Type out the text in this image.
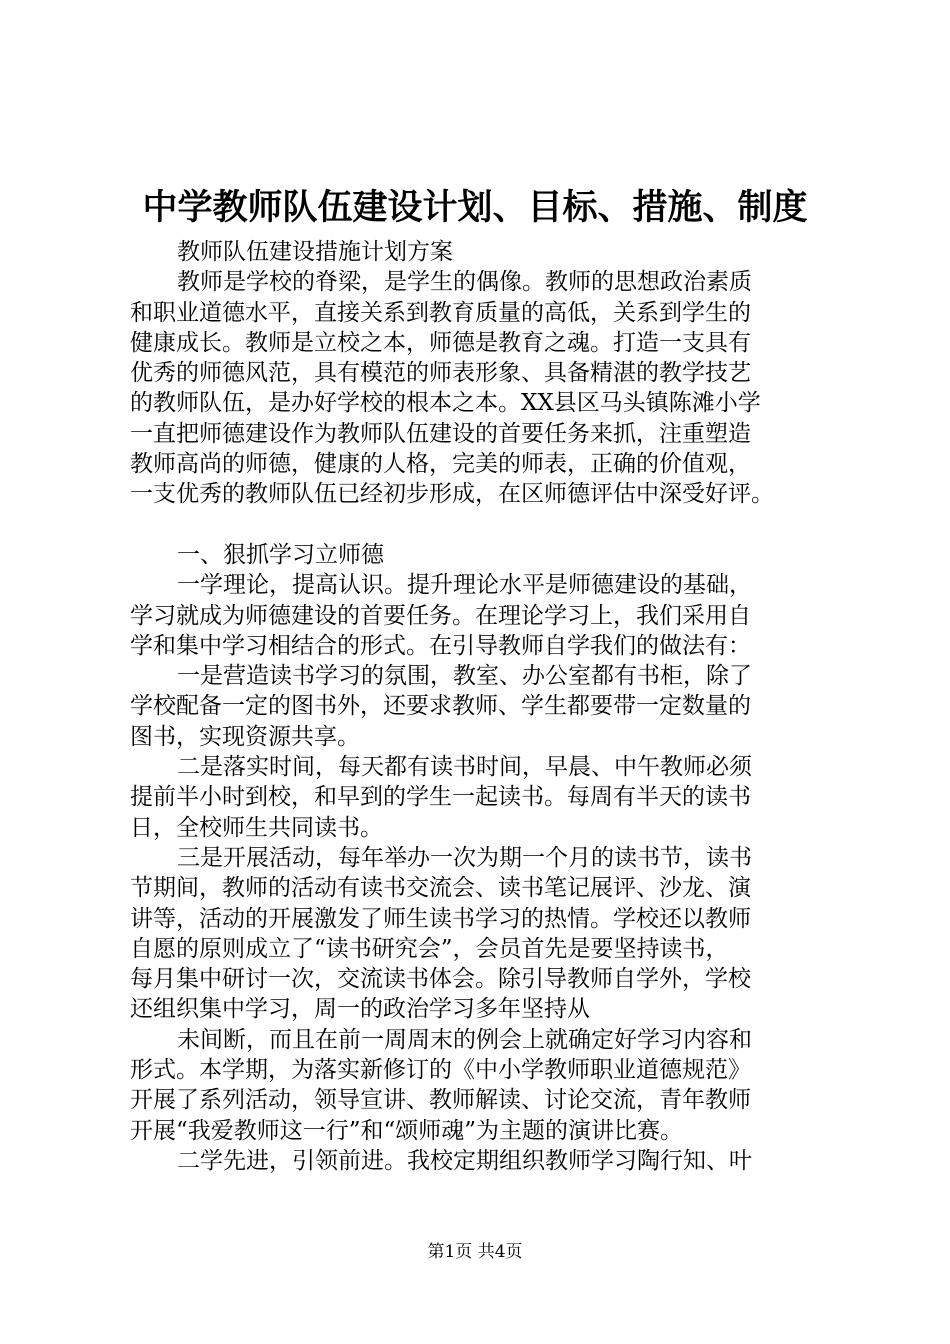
中学教师队伍建设计划、目标、措施、制度
教师队伍建设措施计划方案
教师是学校的脊梁，是学生的偶像。教师的思想政治素质
和职业道德水平，直接关系到教育质量的高低，关系到学生的
健康成长。教师是立校之本，师德是教育之魂。打造一支具有
优秀的师德风范，具有模范的师表形象、具备精湛的教学技艺
的教师队伍，是办好学校的根本之本。XX县区马头镇陈滩小学
一直把师德建设作为教师队伍建设的首要任务来抓，注重塑造
教师高尚的师德，健康的人格，完美的师表，正确的价值观，
一支优秀的教师队伍已经初步形成，在区师德评估中深受好评。
一、狠抓学习立师德
一学理论，提高认识。提升理论水平是师德建设的基础，
学习就成为师德建设的首要任务。在理论学习上，我们采用自
学和集中学习相结合的形式。在引导教师自学我们的做法有：
一是营造读书学习的氛围，教室、办公室都有书柜，除了
学校配备一定的图书外，还要求教师、学生都要带一定数量的
图书，实现资源共享。
二是落实时间，每天都有读书时间，早晨、中午教师必须
提前半小时到校，和早到的学生一起读书。每周有半天的读书
日，全校师生共同读书。
三是开展活动，每年举办一次为期一个月的读书节，读书
节期间，教师的活动有读书交流会、读书笔记展评、沙龙、演
讲等，活动的开展激发了师生读书学习的热情。学校还以教师
自愿的原则成立了“读书研究会”，会员首先是要坚持读书，
每月集中研讨一次，交流读书体会。除引导教师自学外，学校
还组织集中学习，周一的政治学习多年坚持从
未间断，而且在前一周周末的例会上就确定好学习内容和
形式。本学期，为落实新修订的《中小学教师职业道德规范》
开展了系列活动，领导宣讲、教师解读、讨论交流，青年教师
开展“我爱教师这一行”和“颂师魂”为主题的演讲比赛。
二学先进，引领前进。我校定期组织教师学习陶行知、叶
第1页 共4页
